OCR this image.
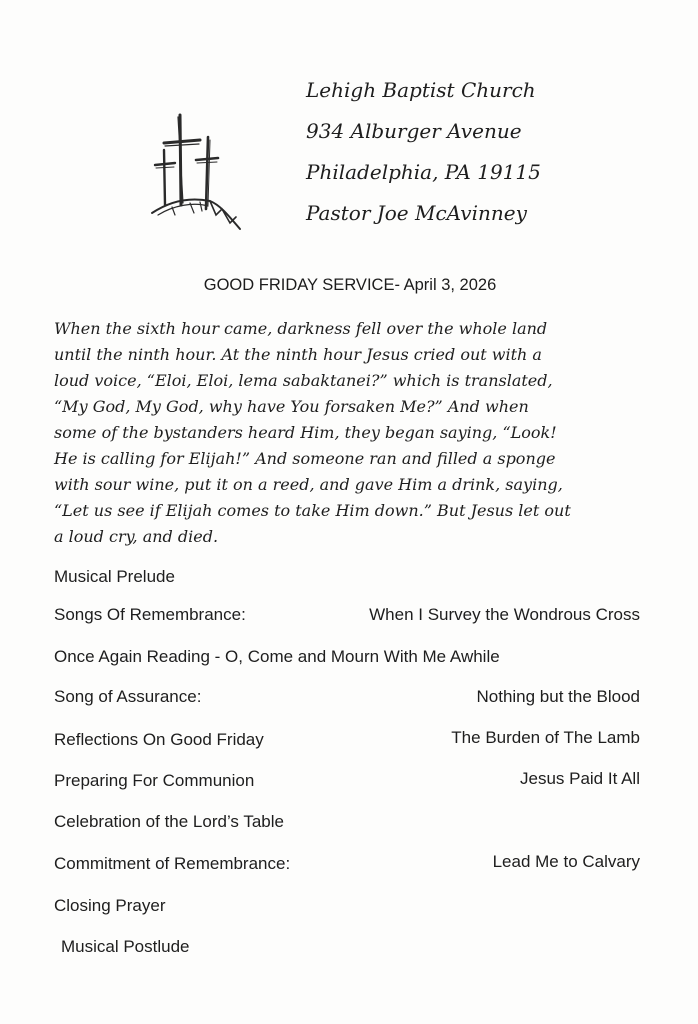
Lehigh Baptist Church
934 Alburger Avenue
Philadelphia, PA 19115
Pastor Joe McAvinney
GOOD FRIDAY SERVICE- April 3, 2026
When the sixth hour came, darkness fell over the whole land
until the ninth hour. At the ninth hour Jesus cried out with a
loud voice, “Eloi, Eloi, lema sabaktanei?” which is translated,
“My God, My God, why have You forsaken Me?” And when
some of the bystanders heard Him, they began saying, “Look!
He is calling for Elijah!” And someone ran and filled a sponge
with sour wine, put it on a reed, and gave Him a drink, saying,
“Let us see if Elijah comes to take Him down.” But Jesus let out
a loud cry, and died.
Musical Prelude
Songs Of Remembrance:	When I Survey the Wondrous Cross
Once Again Reading - O, Come and Mourn With Me Awhile
Song of Assurance:	Nothing but the Blood
Reflections On Good Friday	The Burden of The Lamb
Preparing For Communion	Jesus Paid It All
Celebration of the Lord’s Table
Commitment of Remembrance:	Lead Me to Calvary
Closing Prayer
Musical Postlude
